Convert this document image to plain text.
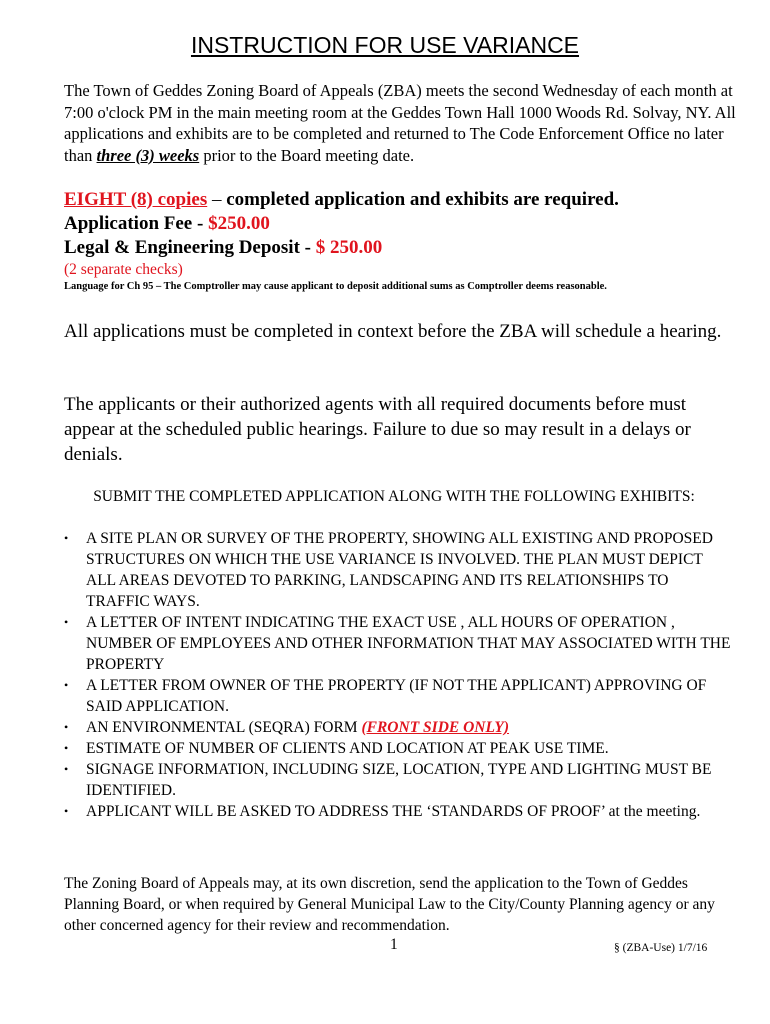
INSTRUCTION FOR USE VARIANCE

The Town of Geddes Zoning Board of Appeals (ZBA) meets the second Wednesday of each month at 7:00 o'clock PM in the main meeting room at the Geddes Town Hall 1000 Woods Rd. Solvay, NY. All applications and exhibits are to be completed and returned to The Code Enforcement Office no later than three (3) weeks prior to the Board meeting date.

EIGHT (8) copies – completed application and exhibits are required.
Application Fee - $250.00
Legal & Engineering Deposit - $ 250.00
(2 separate checks)
Language for Ch 95 – The Comptroller may cause applicant to deposit additional sums as Comptroller deems reasonable.

All applications must be completed in context before the ZBA will schedule a hearing.

The applicants or their authorized agents with all required documents before must appear at the scheduled public hearings. Failure to due so may result in a delays or denials.

SUBMIT THE COMPLETED APPLICATION ALONG WITH THE FOLLOWING EXHIBITS:
• A SITE PLAN OR SURVEY OF THE PROPERTY, SHOWING ALL EXISTING AND PROPOSED STRUCTURES ON WHICH THE USE VARIANCE IS INVOLVED. THE PLAN MUST DEPICT ALL AREAS DEVOTED TO PARKING, LANDSCAPING AND ITS RELATIONSHIPS TO TRAFFIC WAYS.
• A LETTER OF INTENT INDICATING THE EXACT USE , ALL HOURS OF OPERATION , NUMBER OF EMPLOYEES AND OTHER INFORMATION THAT MAY ASSOCIATED WITH THE PROPERTY
• A LETTER FROM OWNER OF THE PROPERTY (IF NOT THE APPLICANT) APPROVING OF SAID APPLICATION.
• AN ENVIRONMENTAL (SEQRA) FORM (FRONT SIDE ONLY)
• ESTIMATE OF NUMBER OF CLIENTS AND LOCATION AT PEAK USE TIME.
• SIGNAGE INFORMATION, INCLUDING SIZE, LOCATION, TYPE AND LIGHTING MUST BE IDENTIFIED.
• APPLICANT WILL BE ASKED TO ADDRESS THE ‘STANDARDS OF PROOF’ at the meeting.

The Zoning Board of Appeals may, at its own discretion, send the application to the Town of Geddes Planning Board, or when required by General Municipal Law to the City/County Planning agency or any other concerned agency for their review and recommendation.

1	§ (ZBA-Use) 1/7/16
